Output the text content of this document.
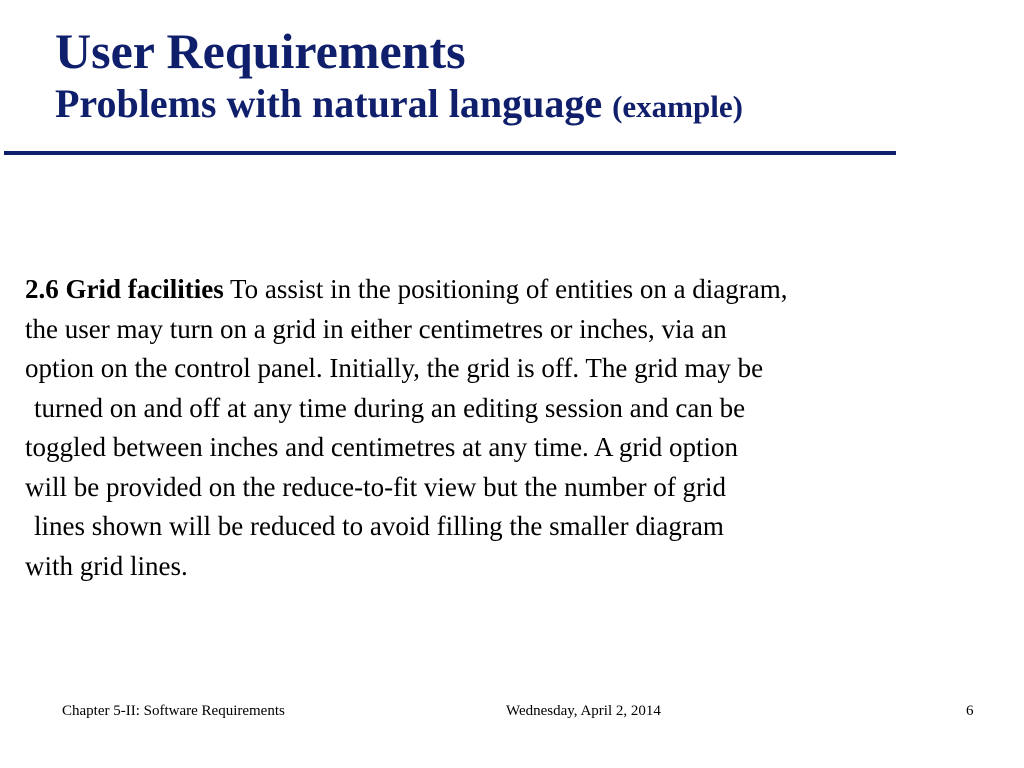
User Requirements
Problems with natural language (example)
2.6 Grid facilities To assist in the positioning of entities on a diagram,
the user may turn on a grid in either centimetres or inches, via an
option on the control panel. Initially, the grid is off. The grid may be
turned on and off at any time during an editing session and can be
toggled between inches and centimetres at any time. A grid option
will be provided on the reduce-to-fit view but the number of grid
lines shown will be reduced to avoid filling the smaller diagram
with grid lines.
Chapter 5-II: Software Requirements	Wednesday, April 2, 2014	6
